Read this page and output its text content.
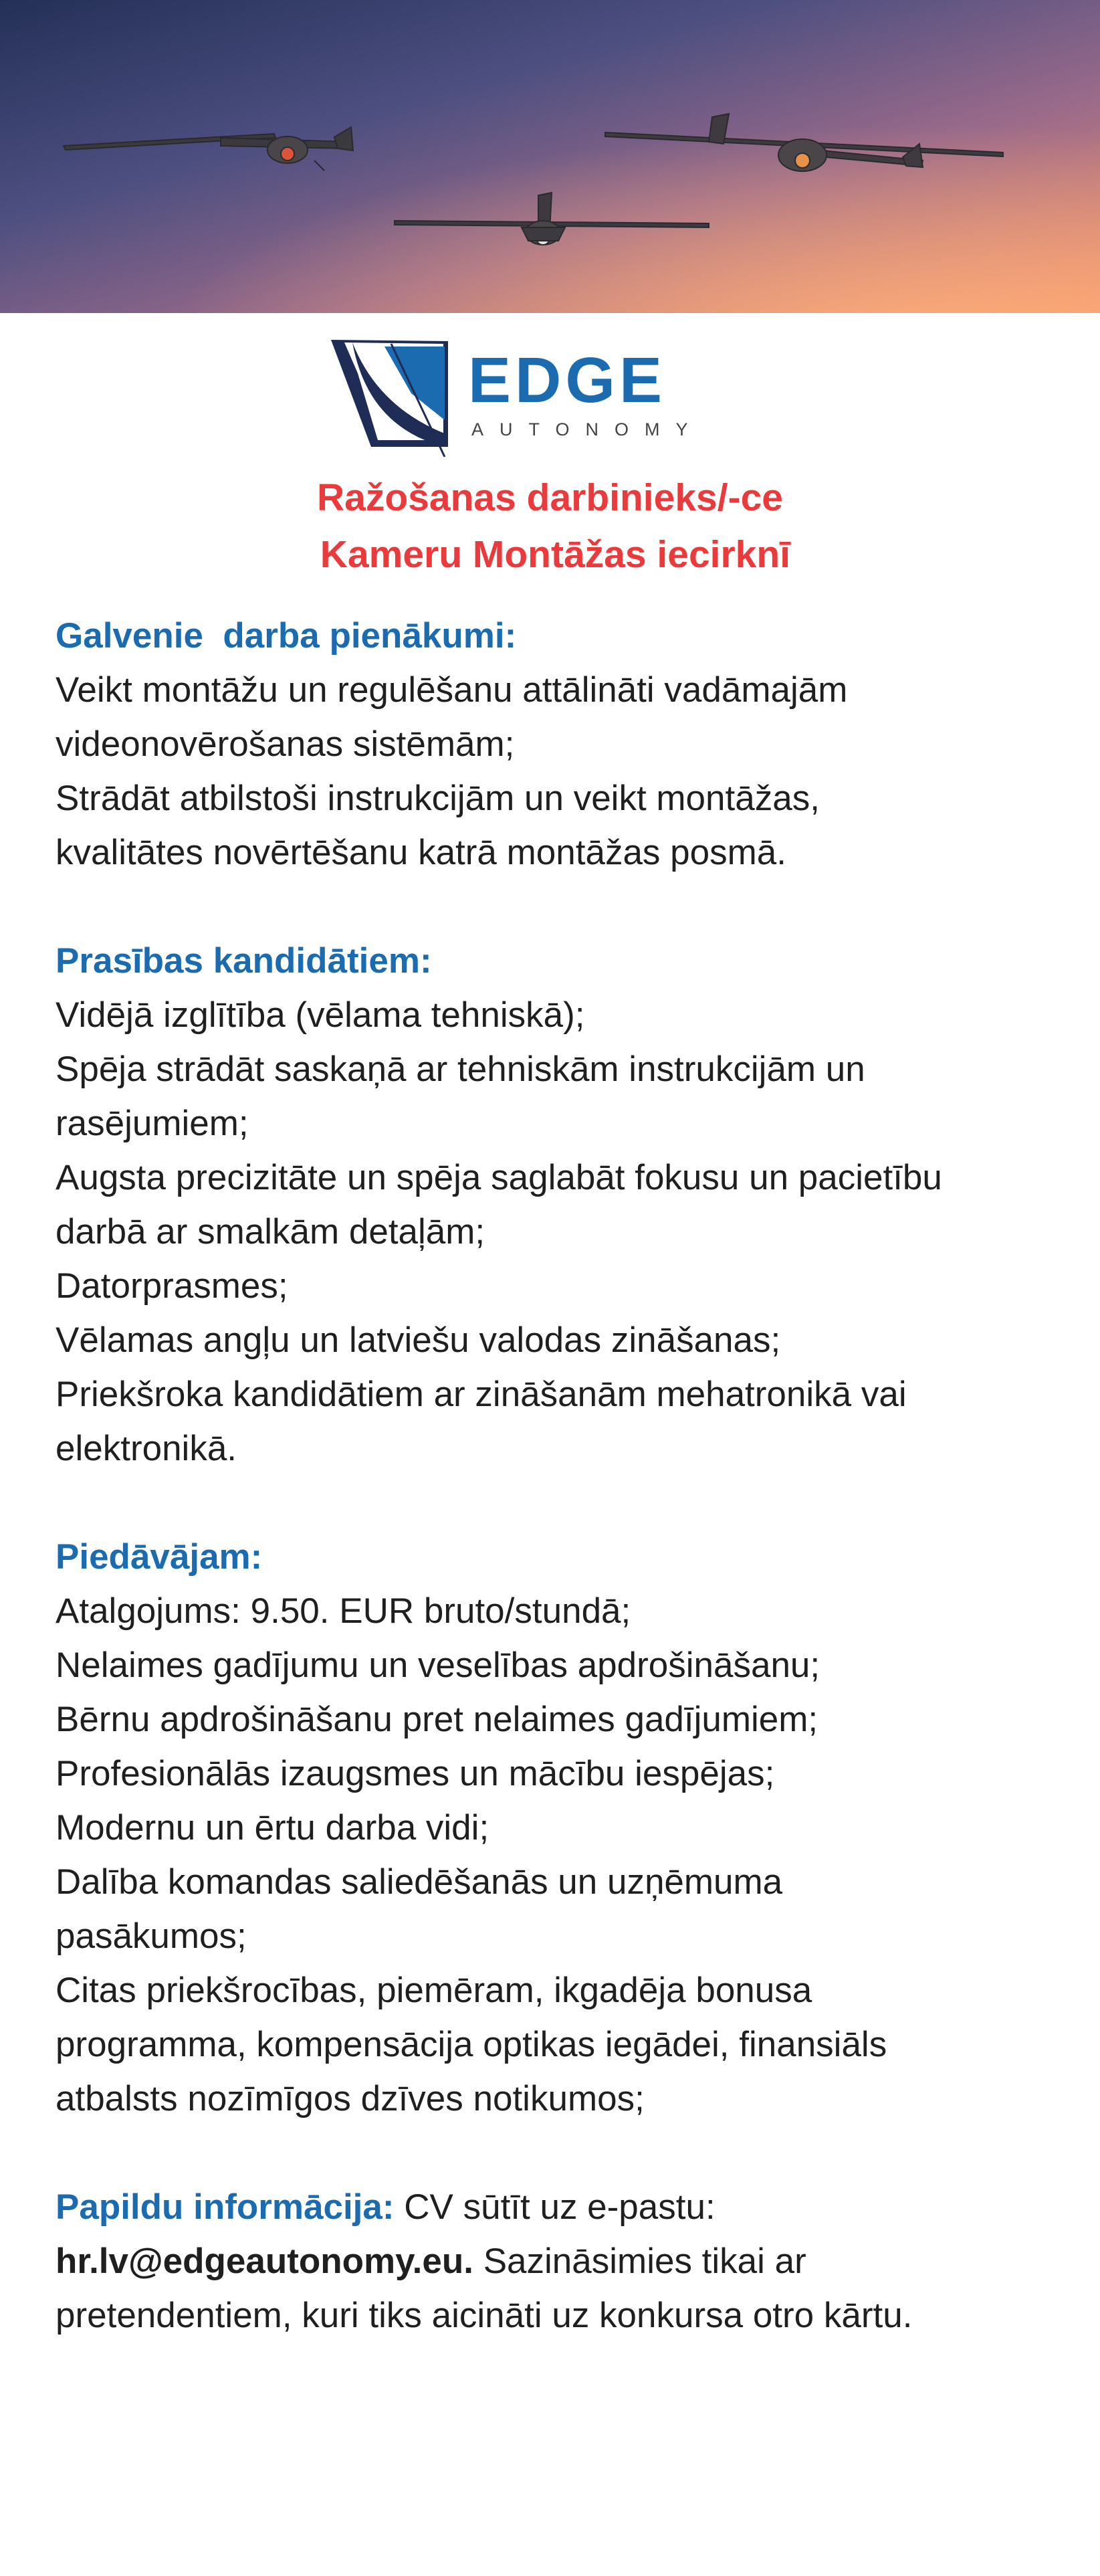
EDGE
AUTONOMY
Ražošanas darbinieks/-ce
Kameru Montāžas iecirknī
Galvenie  darba pienākumi:
Veikt montāžu un regulēšanu attālināti vadāmajām
videonovērošanas sistēmām;
Strādāt atbilstoši instrukcijām un veikt montāžas,
kvalitātes novērtēšanu katrā montāžas posmā.
Prasības kandidātiem:
Vidējā izglītība (vēlama tehniskā);
Spēja strādāt saskaņā ar tehniskām instrukcijām un
rasējumiem;
Augsta precizitāte un spēja saglabāt fokusu un pacietību
darbā ar smalkām detaļām;
Datorprasmes;
Vēlamas angļu un latviešu valodas zināšanas;
Priekšroka kandidātiem ar zināšanām mehatronikā vai
elektronikā.
Piedāvājam:
Atalgojums: 9.50. EUR bruto/stundā;
Nelaimes gadījumu un veselības apdrošināšanu;
Bērnu apdrošināšanu pret nelaimes gadījumiem;
Profesionālās izaugsmes un mācību iespējas;
Modernu un ērtu darba vidi;
Dalība komandas saliedēšanās un uzņēmuma
pasākumos;
Citas priekšrocības, piemēram, ikgadēja bonusa
programma, kompensācija optikas iegādei, finansiāls
atbalsts nozīmīgos dzīves notikumos;
Papildu informācija: CV sūtīt uz e-pastu:
hr.lv@edgeautonomy.eu. Sazināsimies tikai ar
pretendentiem, kuri tiks aicināti uz konkursa otro kārtu.
